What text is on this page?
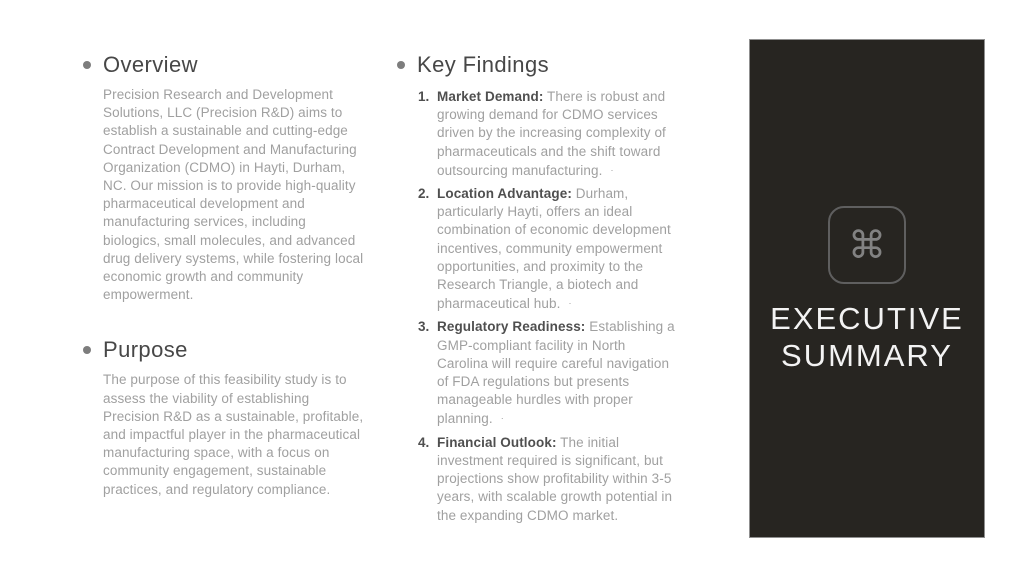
Overview
Precision Research and Development Solutions, LLC (Precision R&D) aims to establish a sustainable and cutting-edge Contract Development and Manufacturing Organization (CDMO) in Hayti, Durham, NC. Our mission is to provide high-quality pharmaceutical development and manufacturing services, including biologics, small molecules, and advanced drug delivery systems, while fostering local economic growth and community empowerment.
Purpose
The purpose of this feasibility study is to assess the viability of establishing Precision R&D as a sustainable, profitable, and impactful player in the pharmaceutical manufacturing space, with a focus on community engagement, sustainable practices, and regulatory compliance.
Key Findings
1. Market Demand: There is robust and growing demand for CDMO services driven by the increasing complexity of pharmaceuticals and the shift toward outsourcing manufacturing. ·
2. Location Advantage: Durham, particularly Hayti, offers an ideal combination of economic development incentives, community empowerment opportunities, and proximity to the Research Triangle, a biotech and pharmaceutical hub. ·
3. Regulatory Readiness: Establishing a GMP-compliant facility in North Carolina will require careful navigation of FDA regulations but presents manageable hurdles with proper planning. ·
4. Financial Outlook: The initial investment required is significant, but projections show profitability within 3-5 years, with scalable growth potential in the expanding CDMO market.
⌘
EXECUTIVE
SUMMARY
